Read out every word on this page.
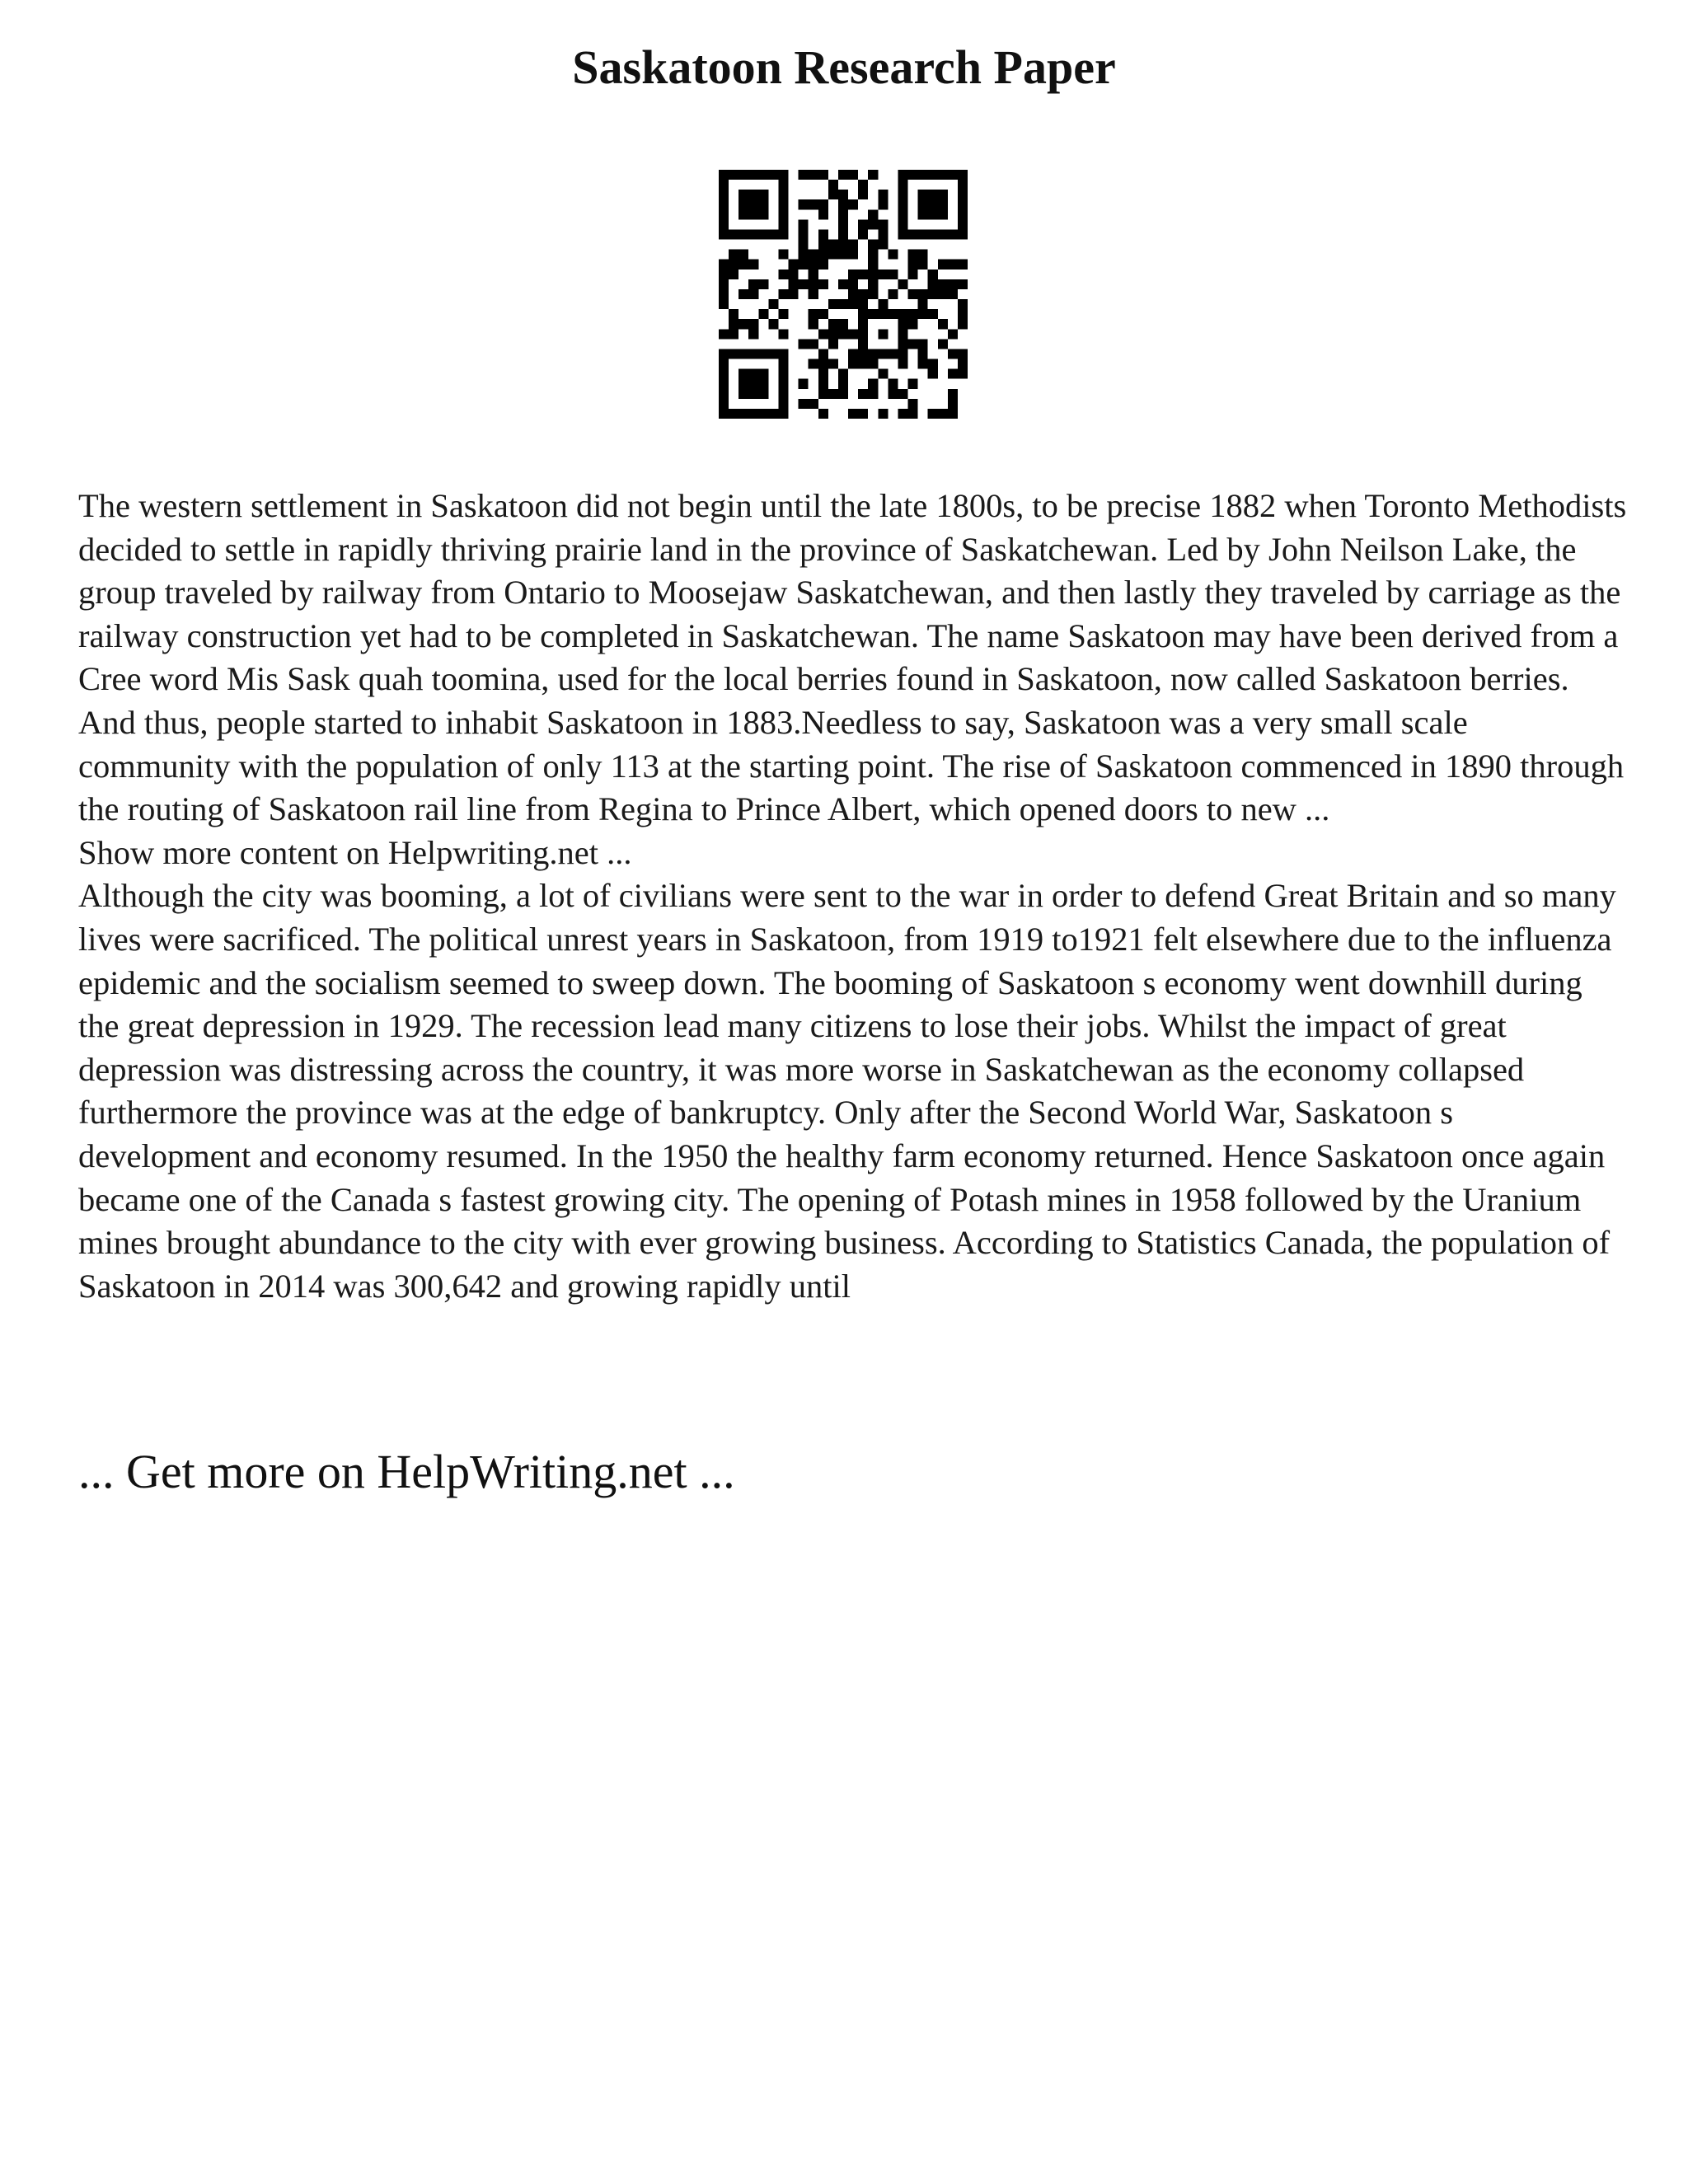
Saskatoon Research Paper

The western settlement in Saskatoon did not begin until the late 1800s, to be precise 1882 when Toronto Methodists decided to settle in rapidly thriving prairie land in the province of Saskatchewan. Led by John Neilson Lake, the group traveled by railway from Ontario to Moosejaw Saskatchewan, and then lastly they traveled by carriage as the railway construction yet had to be completed in Saskatchewan. The name Saskatoon may have been derived from a Cree word Mis Sask quah toomina, used for the local berries found in Saskatoon, now called Saskatoon berries. And thus, people started to inhabit Saskatoon in 1883.Needless to say, Saskatoon was a very small scale community with the population of only 113 at the starting point. The rise of Saskatoon commenced in 1890 through the routing of Saskatoon rail line from Regina to Prince Albert, which opened doors to new ...

Show more content on Helpwriting.net ...

Although the city was booming, a lot of civilians were sent to the war in order to defend Great Britain and so many lives were sacrificed. The political unrest years in Saskatoon, from 1919 to1921 felt elsewhere due to the influenza epidemic and the socialism seemed to sweep down. The booming of Saskatoon s economy went downhill during the great depression in 1929. The recession lead many citizens to lose their jobs. Whilst the impact of great depression was distressing across the country, it was more worse in Saskatchewan as the economy collapsed furthermore the province was at the edge of bankruptcy. Only after the Second World War, Saskatoon s development and economy resumed. In the 1950 the healthy farm economy returned. Hence Saskatoon once again became one of the Canada s fastest growing city. The opening of Potash mines in 1958 followed by the Uranium mines brought abundance to the city with ever growing business. According to Statistics Canada, the population of Saskatoon in 2014 was 300,642 and growing rapidly until

... Get more on HelpWriting.net ...
